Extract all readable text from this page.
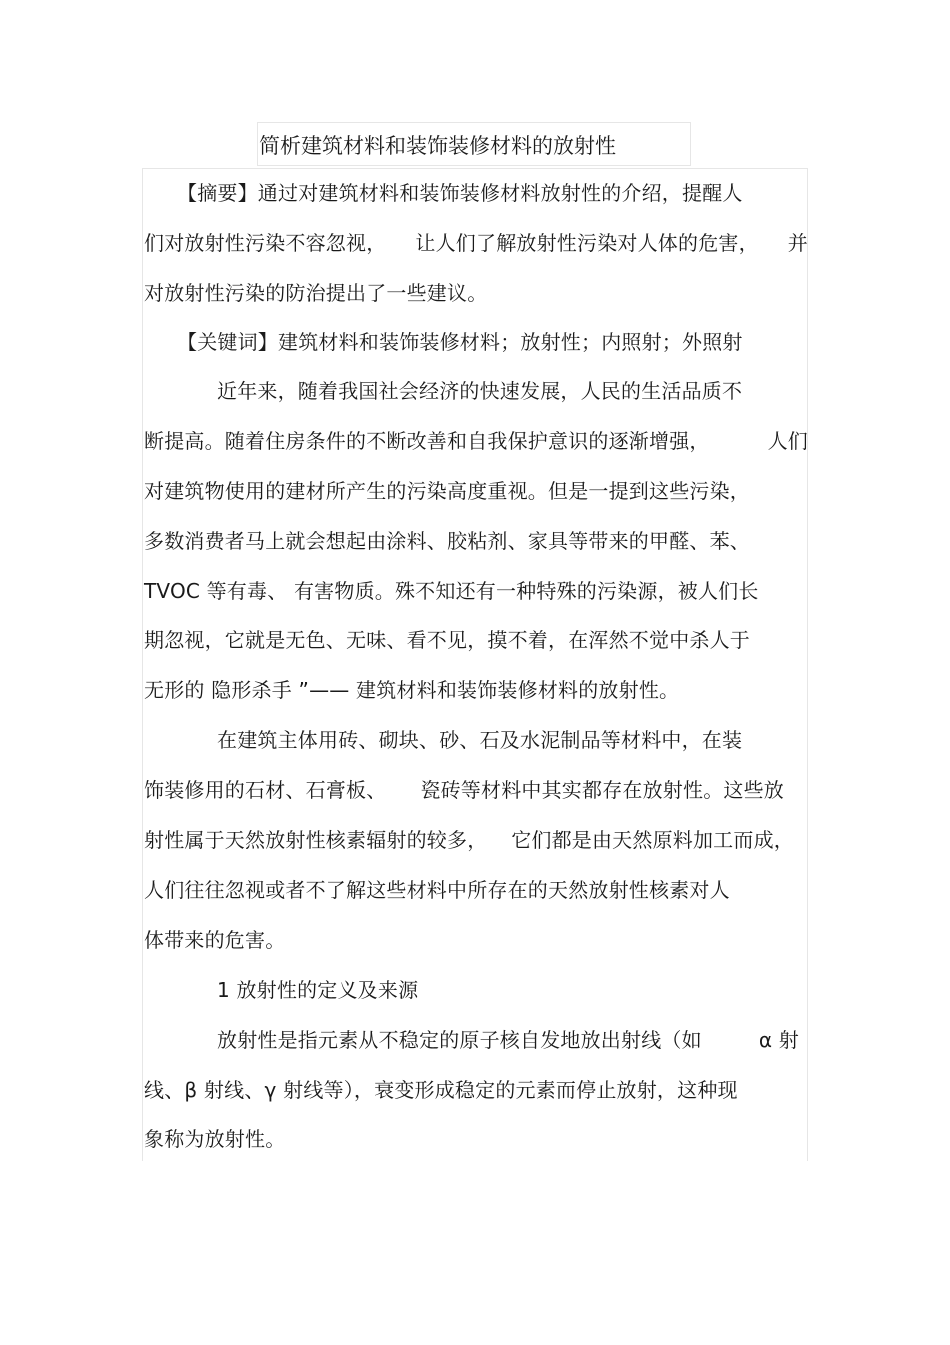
简析建筑材料和装饰装修材料的放射性
【摘要】通过对建筑材料和装饰装修材料放射性的介绍，提醒人
们对放射性污染不容忽视， 让人们了解放射性污染对人体的危害， 并
对放射性污染的防治提出了一些建议。
【关键词】建筑材料和装饰装修材料；放射性；内照射；外照射
近年来，随着我国社会经济的快速发展，人民的生活品质不
断提高。随着住房条件的不断改善和自我保护意识的逐渐增强，	人们
对建筑物使用的建材所产生的污染高度重视。但是一提到这些污染，
多数消费者马上就会想起由涂料、胶粘剂、家具等带来的甲醛、苯、
TVOC 等有毒、 有害物质。殊不知还有一种特殊的污染源，被人们长
期忽视，它就是无色、无味、看不见，摸不着，在浑然不觉中杀人于
无形的 隐形杀手 ”—— 建筑材料和装饰装修材料的放射性。
在建筑主体用砖、砌块、砂、石及水泥制品等材料中，在装
饰装修用的石材、石膏板、 瓷砖等材料中其实都存在放射性。这些放
射性属于天然放射性核素辐射的较多， 它们都是由天然原料加工而成，
人们往往忽视或者不了解这些材料中所存在的天然放射性核素对人
体带来的危害。
1 放射性的定义及来源
放射性是指元素从不稳定的原子核自发地放出射线（如	α 射
线、β 射线、γ 射线等），衰变形成稳定的元素而停止放射，这种现
象称为放射性。
